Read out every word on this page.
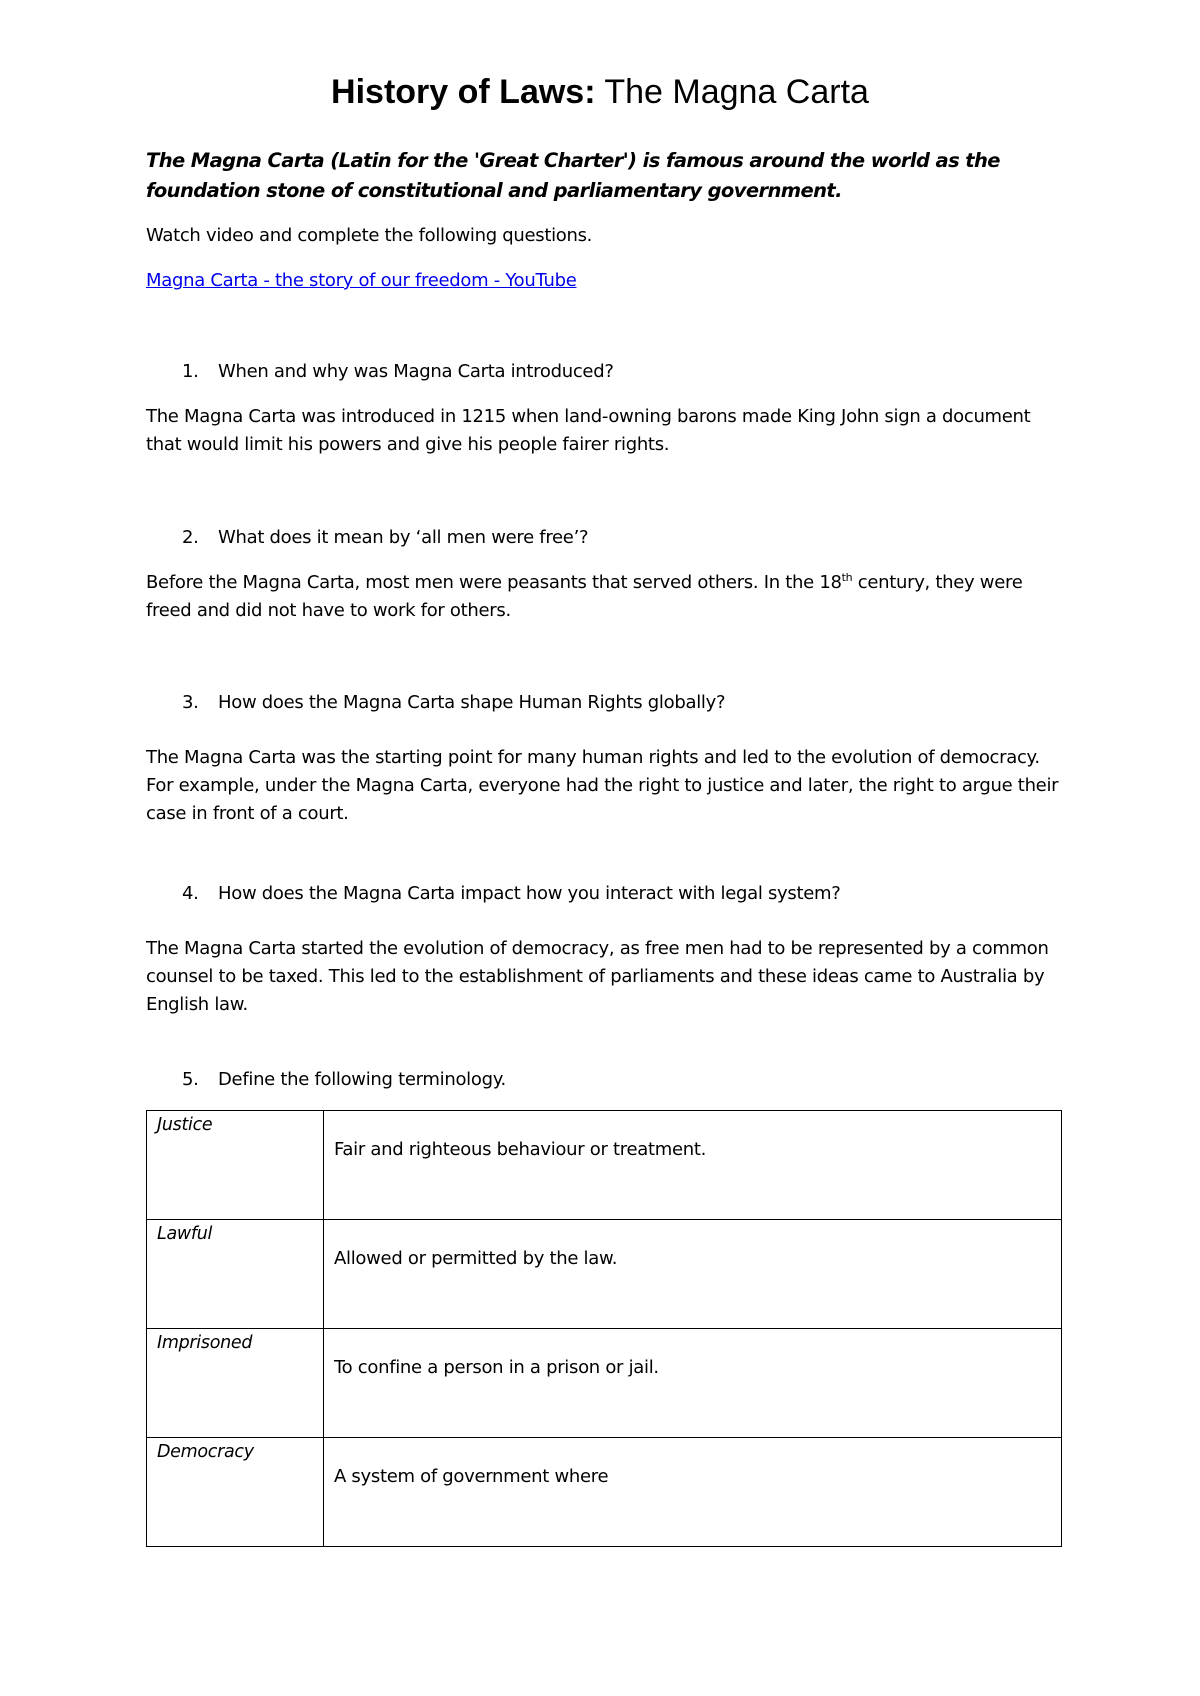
History of Laws: The Magna Carta
The Magna Carta (Latin for the 'Great Charter') is famous around the world as the foundation stone of constitutional and parliamentary government.
Watch video and complete the following questions.
Magna Carta - the story of our freedom - YouTube
1. When and why was Magna Carta introduced?
The Magna Carta was introduced in 1215 when land-owning barons made King John sign a document that would limit his powers and give his people fairer rights.
2. What does it mean by ‘all men were free’?
Before the Magna Carta, most men were peasants that served others. In the 18th century, they were freed and did not have to work for others.
3. How does the Magna Carta shape Human Rights globally?
The Magna Carta was the starting point for many human rights and led to the evolution of democracy. For example, under the Magna Carta, everyone had the right to justice and later, the right to argue their case in front of a court.
4. How does the Magna Carta impact how you interact with legal system?
The Magna Carta started the evolution of democracy, as free men had to be represented by a common counsel to be taxed. This led to the establishment of parliaments and these ideas came to Australia by English law.
5. Define the following terminology.
Justice	Fair and righteous behaviour or treatment.
Lawful	Allowed or permitted by the law.
Imprisoned	To confine a person in a prison or jail.
Democracy	A system of government where
